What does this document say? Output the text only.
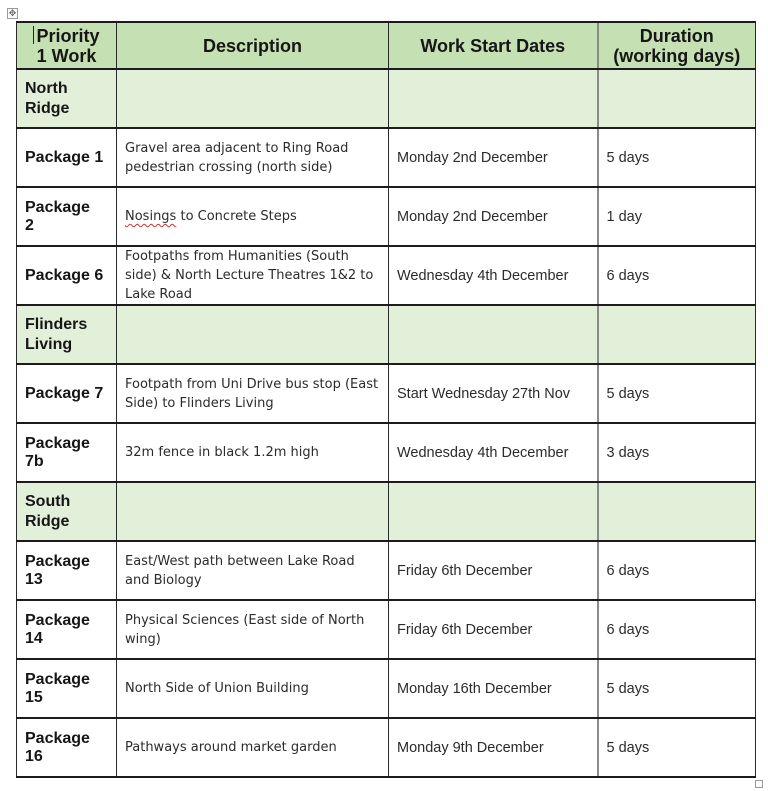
✥
Priority
1 Work	Description	Work Start Dates	Duration
(working days)

North Ridge			

Package 1	Gravel area adjacent to Ring Road pedestrian crossing (north side)	Monday 2nd December	5 days

Package 2	Nosings to Concrete Steps	Monday 2nd December	1 day
Package 6	Footpaths from Humanities (South side) & North Lecture Theatres 1&2 to Lake Road	Wednesday 4th December	6 days

Flinders Living			

Package 7	Footpath from Uni Drive bus stop (East Side) to Flinders Living	Start Wednesday 27th Nov	5 days

Package 7b	32m fence in black 1.2m high	Wednesday 4th December	3 days

South Ridge			

Package 13	East/West path between Lake Road and Biology	Friday 6th December	6 days

Package 14	Physical Sciences (East side of North wing)	Friday 6th December	6 days

Package 15	North Side of Union Building	Monday 16th December	5 days

Package 16	Pathways around market garden	Monday 9th December	5 days
